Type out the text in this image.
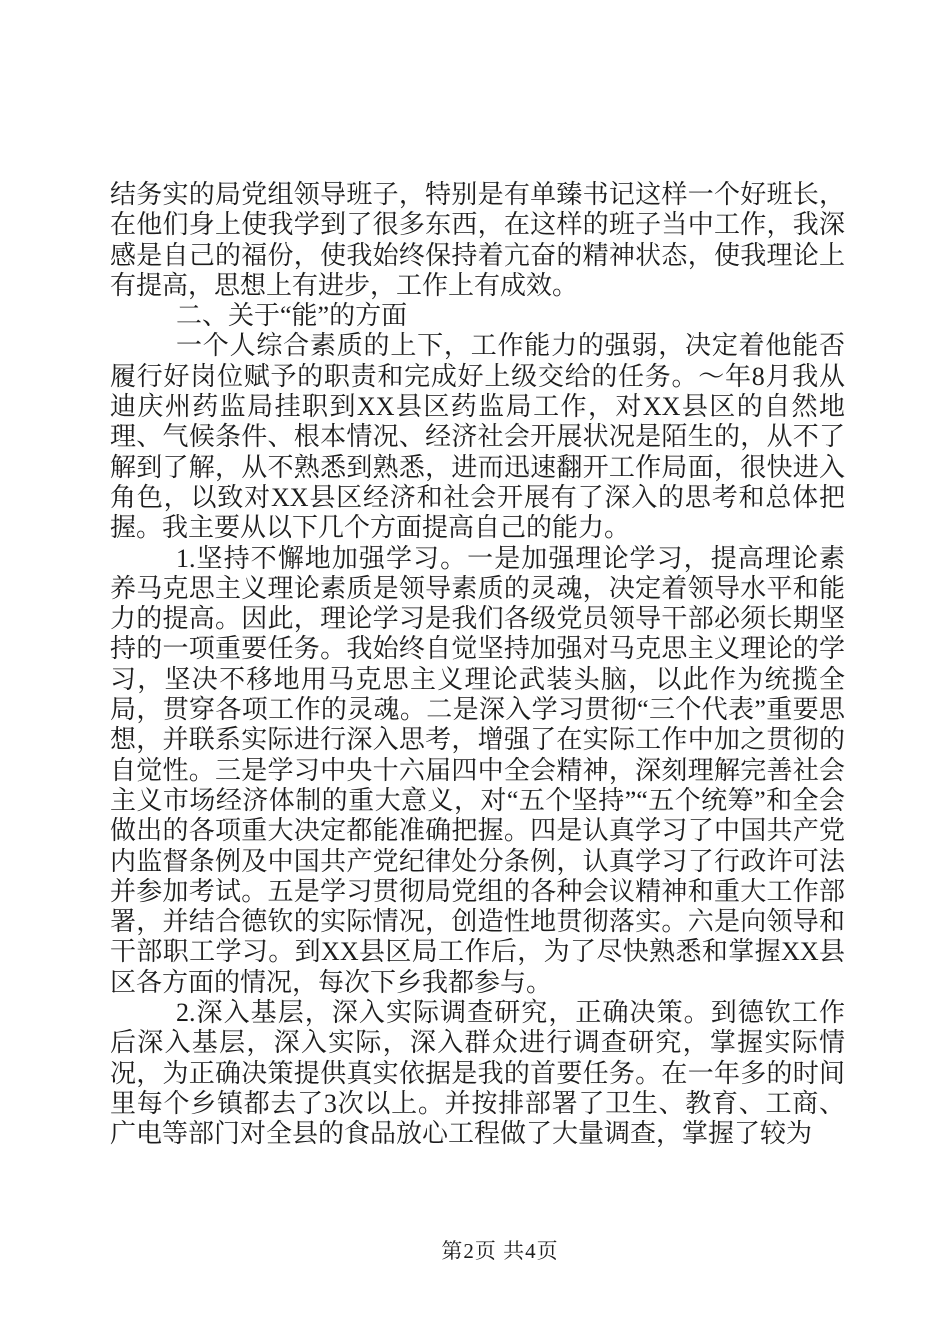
结务实的局党组领导班子，特别是有单臻书记这样一个好班长，在他们身上使我学到了很多东西，在这样的班子当中工作，我深感是自己的福份，使我始终保持着亢奋的精神状态，使我理论上有提高，思想上有进步，工作上有成效。

二、关于“能”的方面

一个人综合素质的上下，工作能力的强弱，决定着他能否履行好岗位赋予的职责和完成好上级交给的任务。～年8月我从迪庆州药监局挂职到XX县区药监局工作，对XX县区的自然地理、气候条件、根本情况、经济社会开展状况是陌生的，从不了解到了解，从不熟悉到熟悉，进而迅速翻开工作局面，很快进入角色，以致对XX县区经济和社会开展有了深入的思考和总体把握。我主要从以下几个方面提高自己的能力。

1.坚持不懈地加强学习。一是加强理论学习，提高理论素养马克思主义理论素质是领导素质的灵魂，决定着领导水平和能力的提高。因此，理论学习是我们各级党员领导干部必须长期坚持的一项重要任务。我始终自觉坚持加强对马克思主义理论的学习，坚决不移地用马克思主义理论武装头脑，以此作为统揽全局，贯穿各项工作的灵魂。二是深入学习贯彻“三个代表”重要思想，并联系实际进行深入思考，增强了在实际工作中加之贯彻的自觉性。三是学习中央十六届四中全会精神，深刻理解完善社会主义市场经济体制的重大意义，对“五个坚持”“五个统筹”和全会做出的各项重大决定都能准确把握。四是认真学习了中国共产党内监督条例及中国共产党纪律处分条例，认真学习了行政许可法并参加考试。五是学习贯彻局党组的各种会议精神和重大工作部署，并结合德钦的实际情况，创造性地贯彻落实。六是向领导和干部职工学习。到XX县区局工作后，为了尽快熟悉和掌握XX县区各方面的情况，每次下乡我都参与。

2.深入基层，深入实际调查研究，正确决策。到德钦工作后深入基层，深入实际，深入群众进行调查研究，掌握实际情况，为正确决策提供真实依据是我的首要任务。在一年多的时间里每个乡镇都去了3次以上。并按排部署了卫生、教育、工商、广电等部门对全县的食品放心工程做了大量调查，掌握了较为

第2页 共4页
